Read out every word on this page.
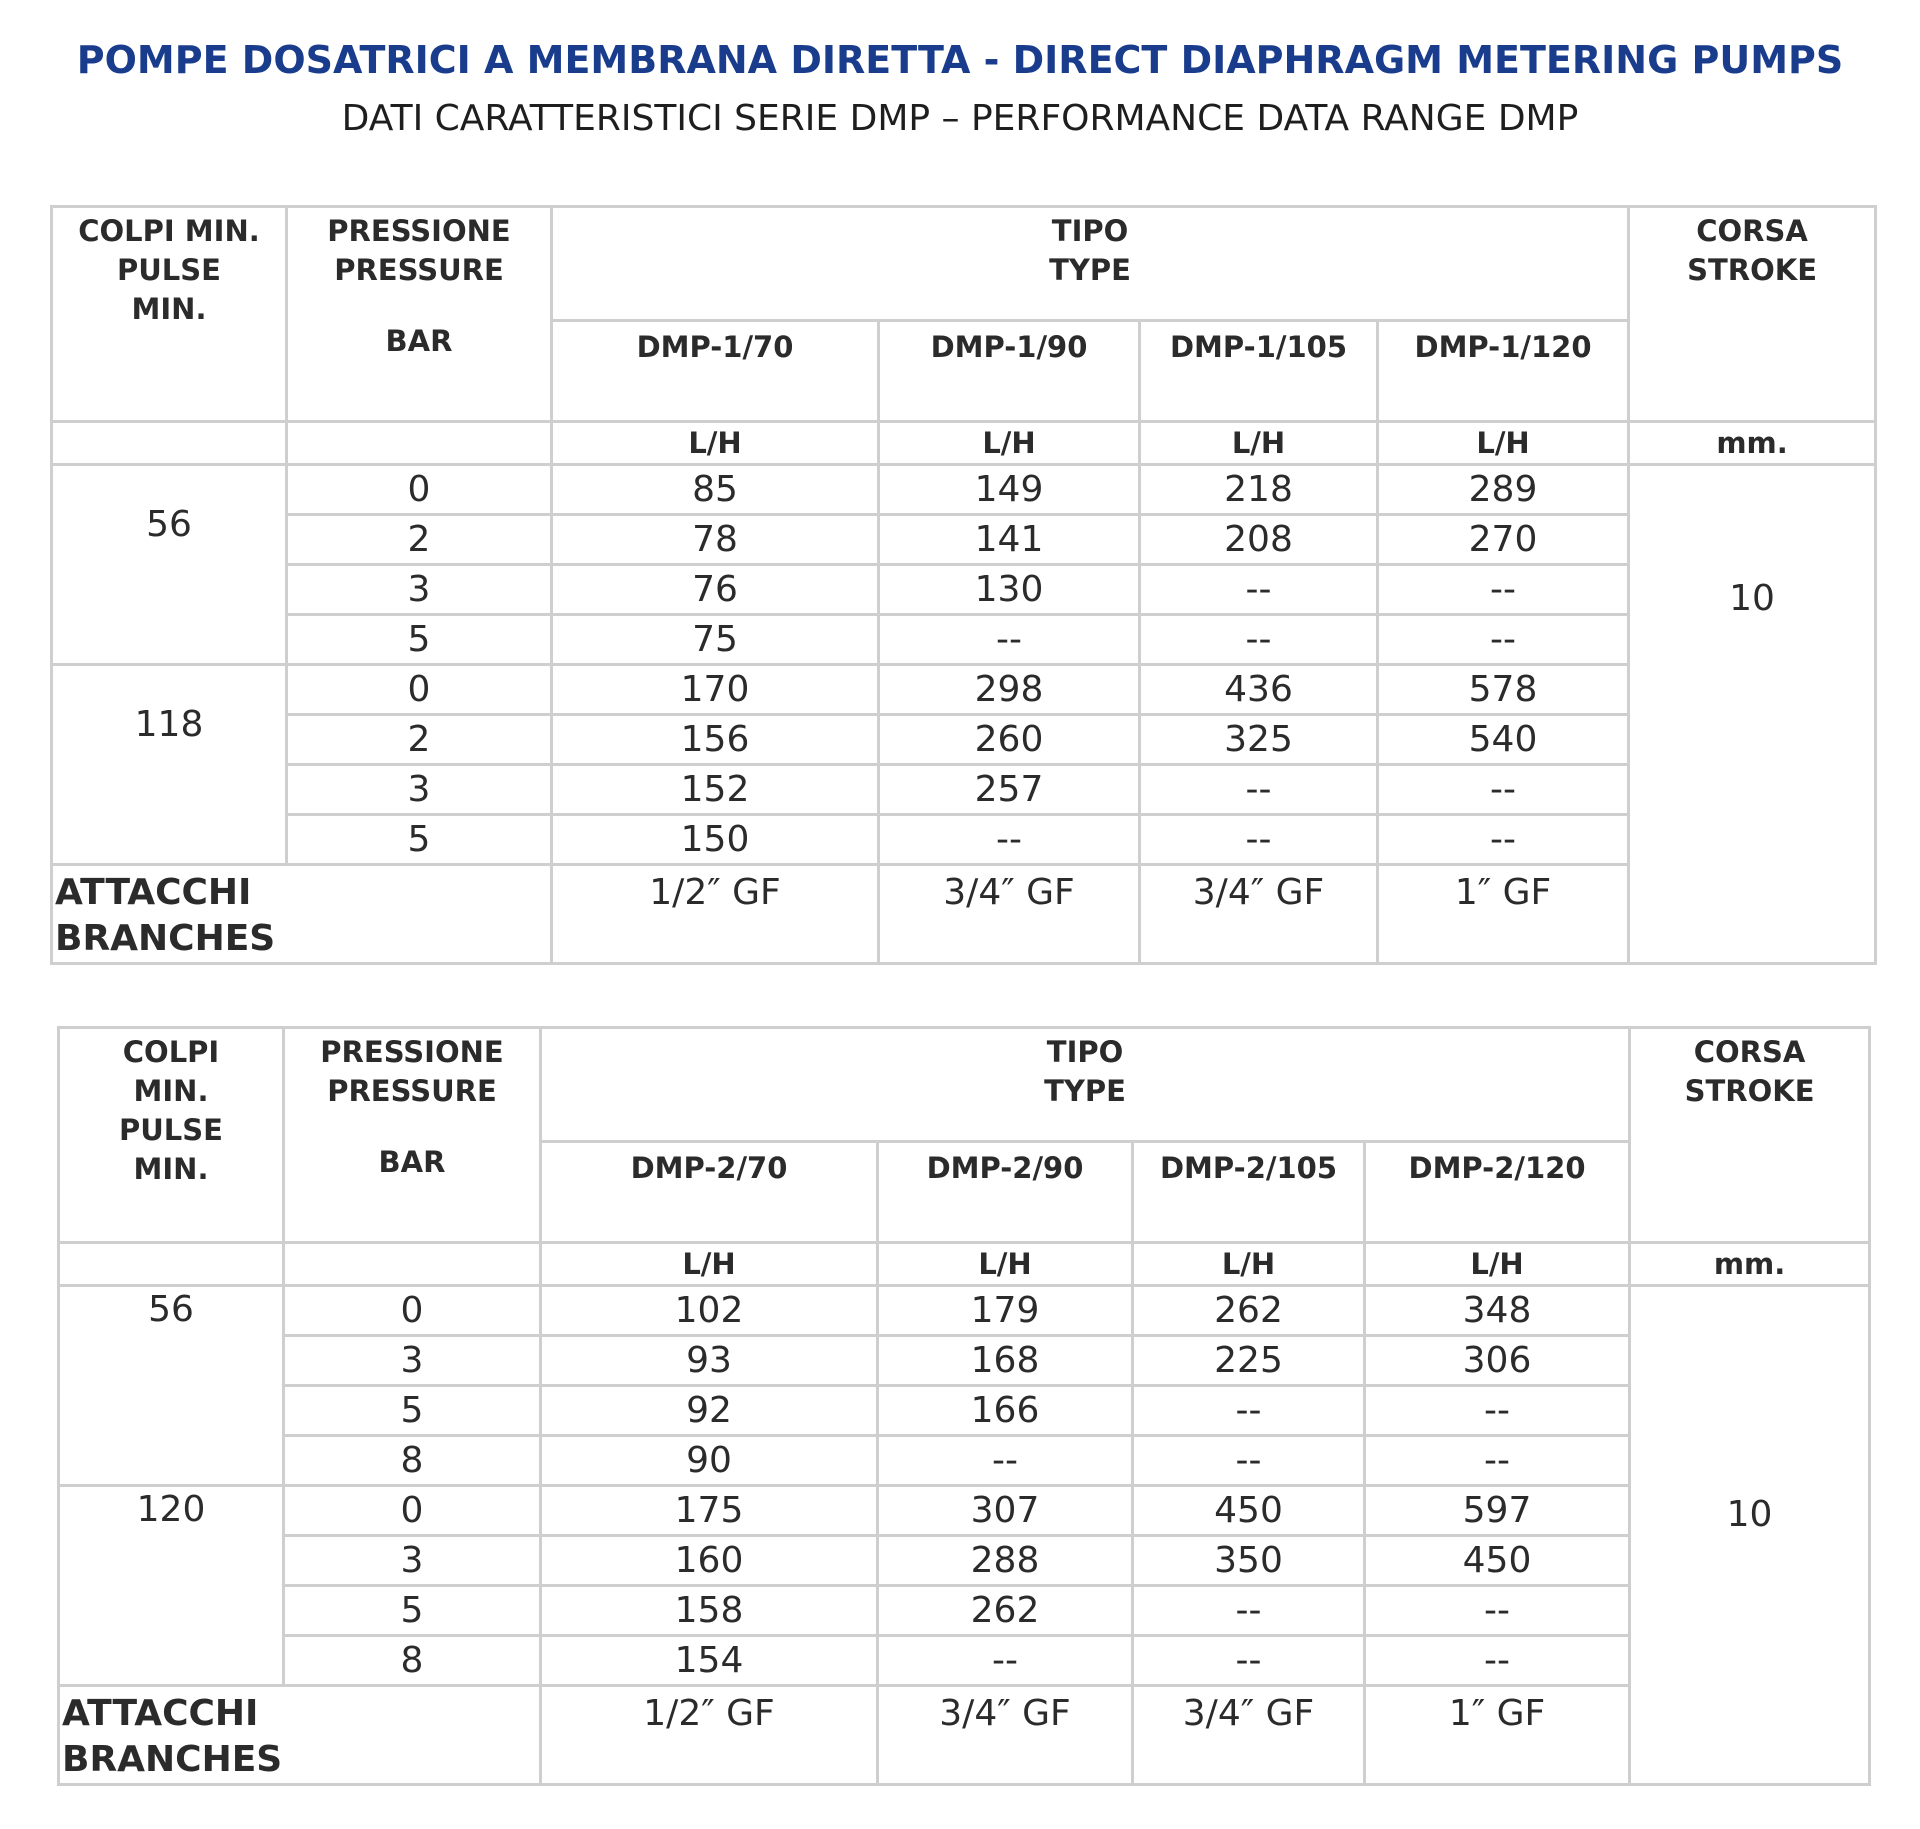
POMPE DOSATRICI A MEMBRANA DIRETTA - DIRECT DIAPHRAGM METERING PUMPS
DATI CARATTERISTICI SERIE DMP – PERFORMANCE DATA RANGE DMP
COLPI MIN.
PULSE
MIN.	PRESSIONE
PRESSURE
BAR	TIPO
TYPE				CORSA
STROKE

		DMP-1/70	DMP-1/90	DMP-1/105	DMP-1/120	
		L/H	L/H	L/H	L/H	mm.
56	0	85	149	218	289	10

	2	78	141	208	270	
	3	76	130	--	--	
	5	75	--	--	--	
118	0	170	298	436	578	
	2	156	260	325	540	
	3	152	257	--	--	
	5	150	--	--	--	

ATTACCHI
BRANCHES		1/2″ GF	3/4″ GF	3/4″ GF	1″ GF	
COLPI
MIN.
PULSE
MIN.	PRESSIONE
PRESSURE
BAR	TIPO
TYPE				CORSA
STROKE

		DMP-2/70	DMP-2/90	DMP-2/105	DMP-2/120	
		L/H	L/H	L/H	L/H	mm.
56	0	102	179	262	348	10

	3	93	168	225	306	
	5	92	166	--	--	
	8	90	--	--	--	
120	0	175	307	450	597	
	3	160	288	350	450	
	5	158	262	--	--	
	8	154	--	--	--	

ATTACCHI
BRANCHES		1/2″ GF	3/4″ GF	3/4″ GF	1″ GF	
